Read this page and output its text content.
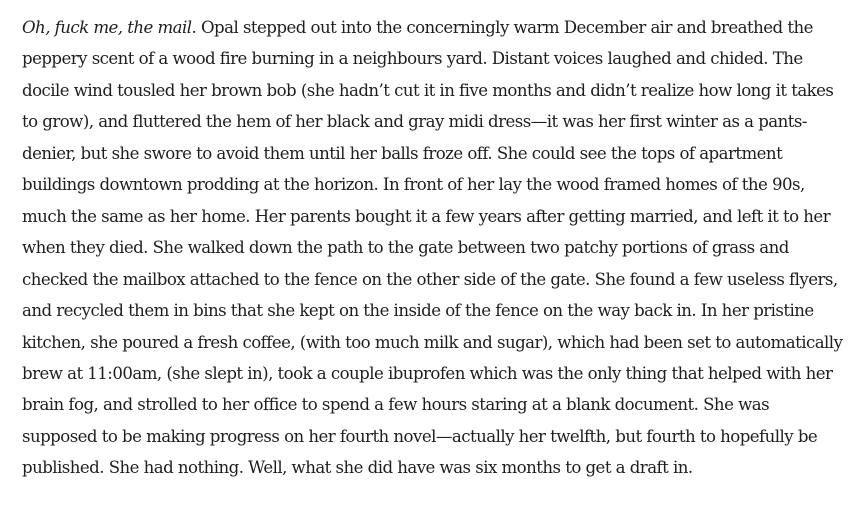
Oh, fuck me, the mail. Opal stepped out into the concerningly warm December air and breathed the peppery scent of a wood fire burning in a neighbours yard. Distant voices laughed and chided. The docile wind tousled her brown bob (she hadn’t cut it in five months and didn’t realize how long it takes to grow), and fluttered the hem of her black and gray midi dress—it was her first winter as a pants-denier, but she swore to avoid them until her balls froze off. She could see the tops of apartment buildings downtown prodding at the horizon. In front of her lay the wood framed homes of the 90s, much the same as her home. Her parents bought it a few years after getting married, and left it to her when they died. She walked down the path to the gate between two patchy portions of grass and checked the mailbox attached to the fence on the other side of the gate. She found a few useless flyers, and recycled them in bins that she kept on the inside of the fence on the way back in. In her pristine kitchen, she poured a fresh coffee, (with too much milk and sugar), which had been set to automatically brew at 11:00am, (she slept in), took a couple ibuprofen which was the only thing that helped with her brain fog, and strolled to her office to spend a few hours staring at a blank document. She was supposed to be making progress on her fourth novel—actually her twelfth, but fourth to hopefully be published. She had nothing. Well, what she did have was six months to get a draft in.
